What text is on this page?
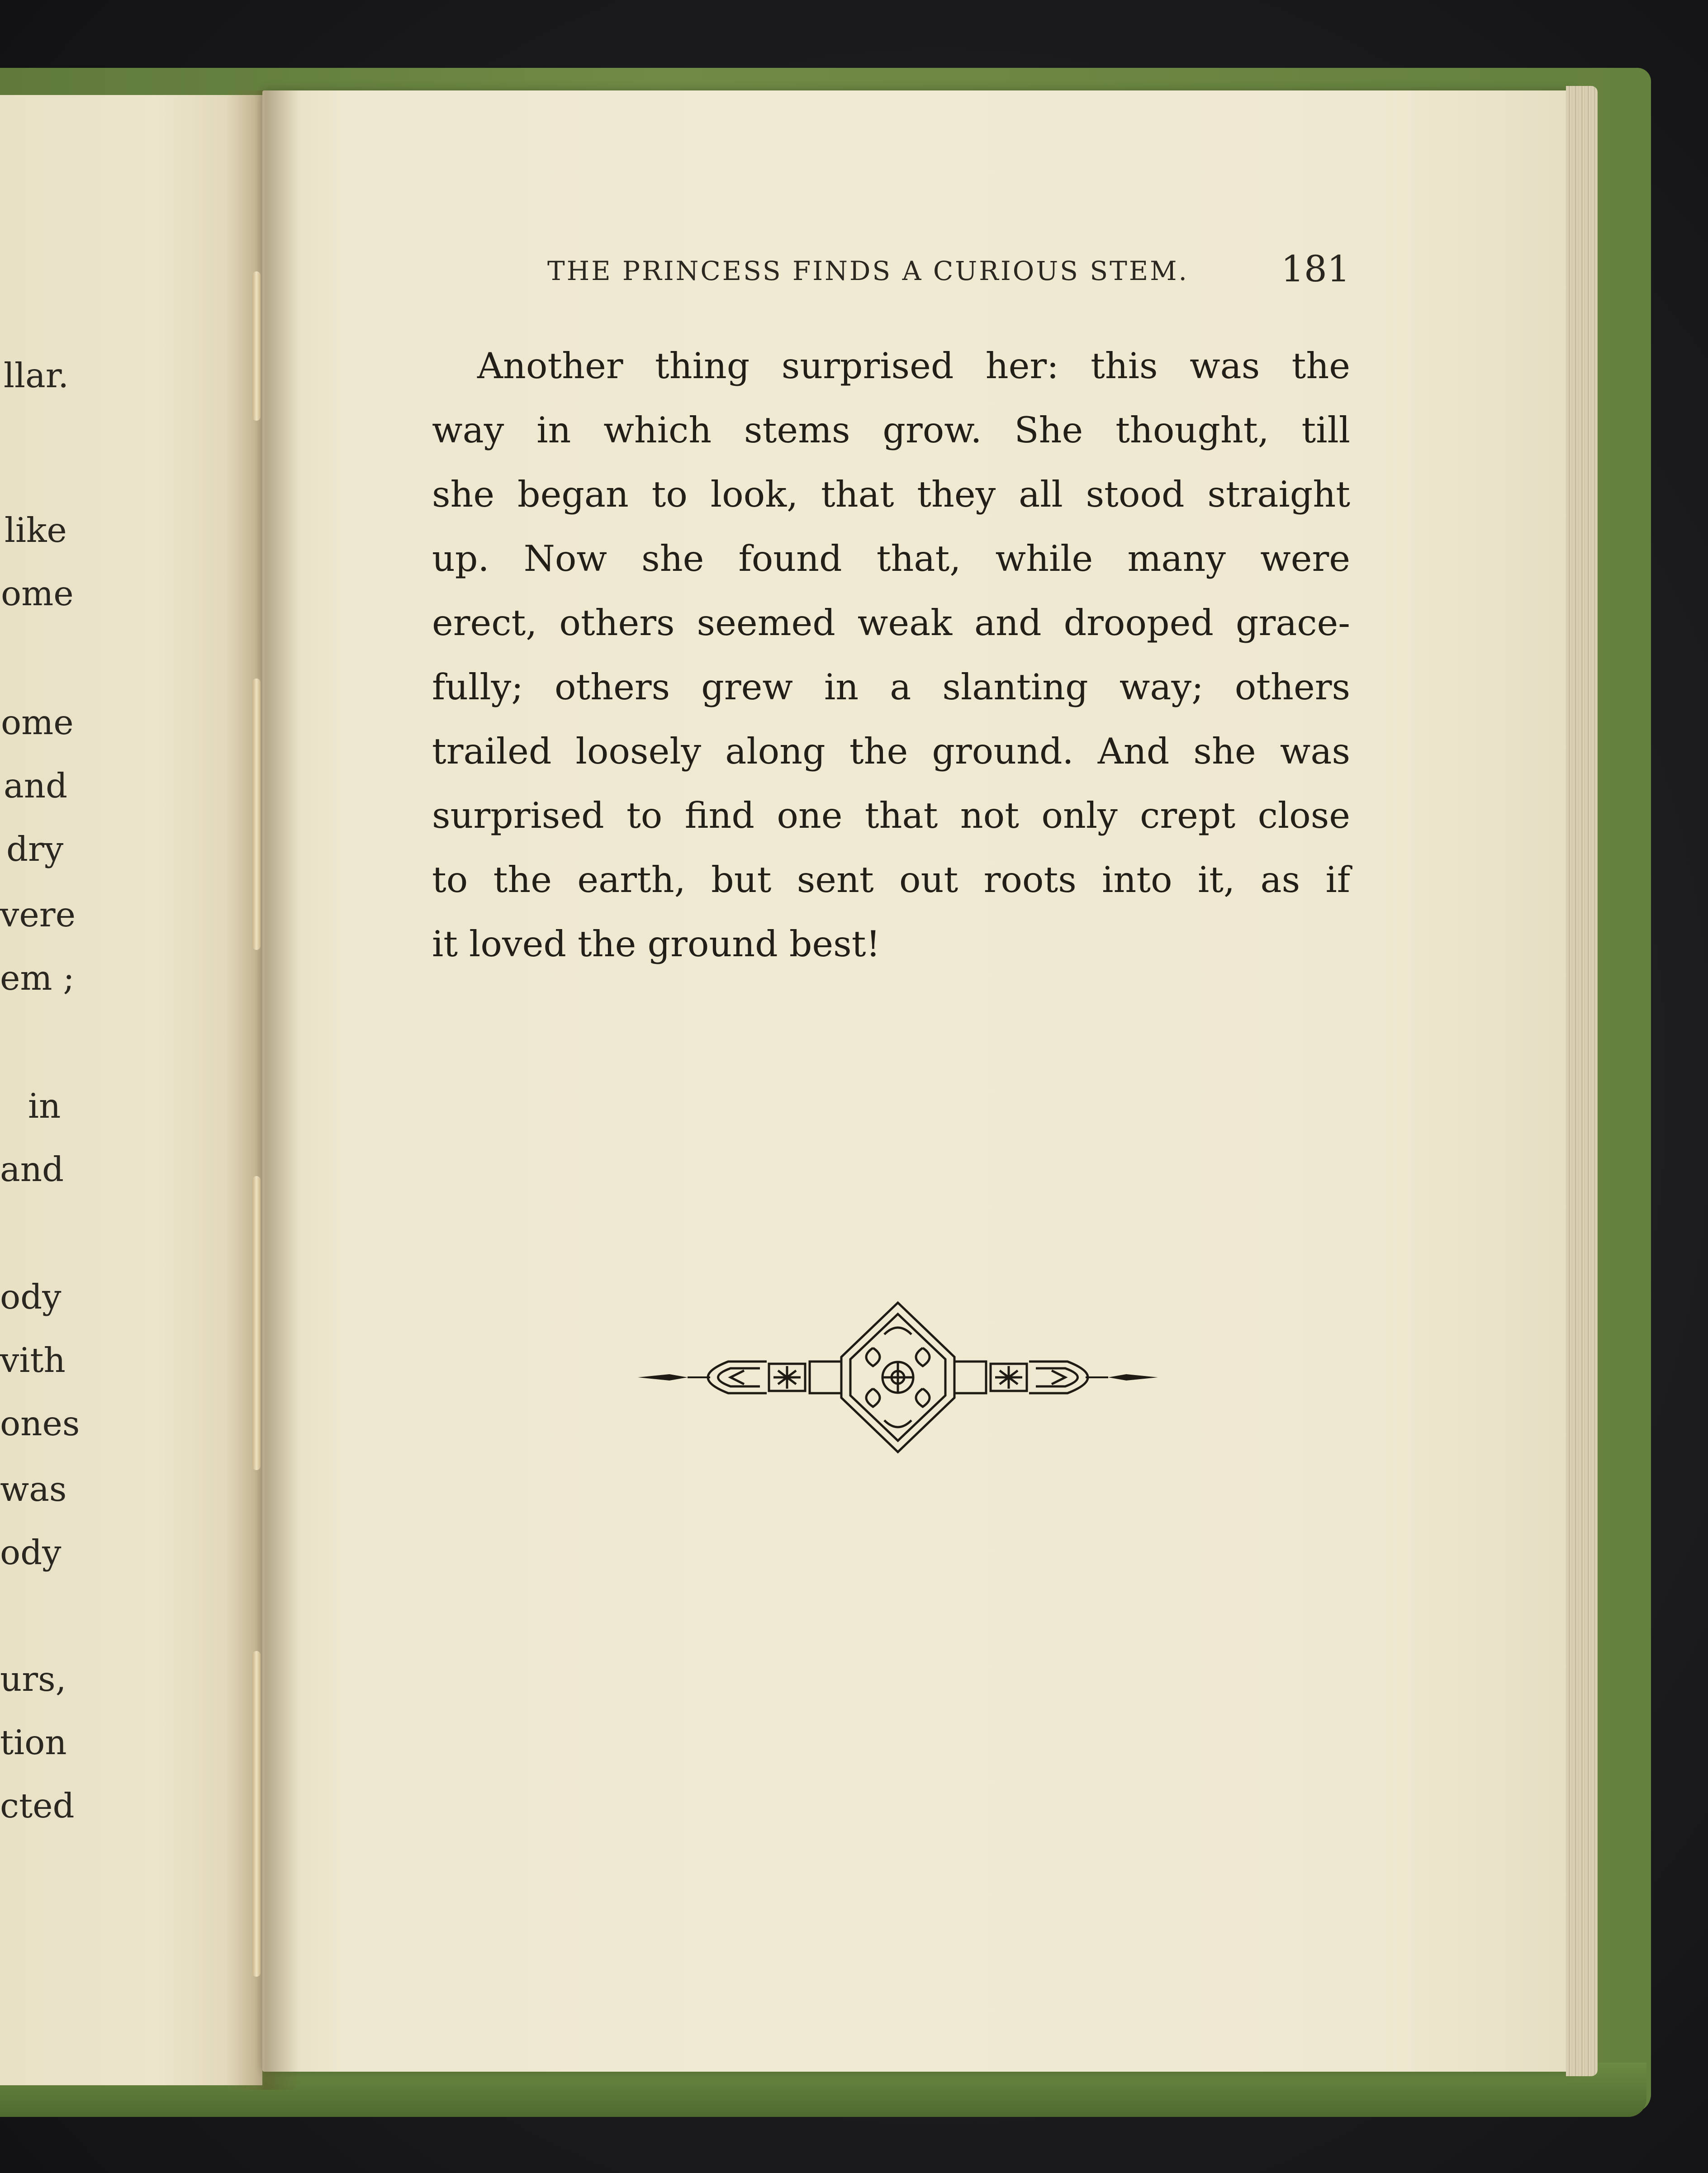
llar.
like
ome
ome
and
dry
vere
em ;
in
and
ody
vith
ones
was
ody
urs,
tion
cted
THE PRINCESS FINDS A CURIOUS STEM.	181
Another thing surprised her: this was the
way in which stems grow. She thought, till
she began to look, that they all stood straight
up. Now she found that, while many were
erect, others seemed weak and drooped grace-
fully; others grew in a slanting way; others
trailed loosely along the ground. And she was
surprised to find one that not only crept close
to the earth, but sent out roots into it, as if
it loved the ground best!
